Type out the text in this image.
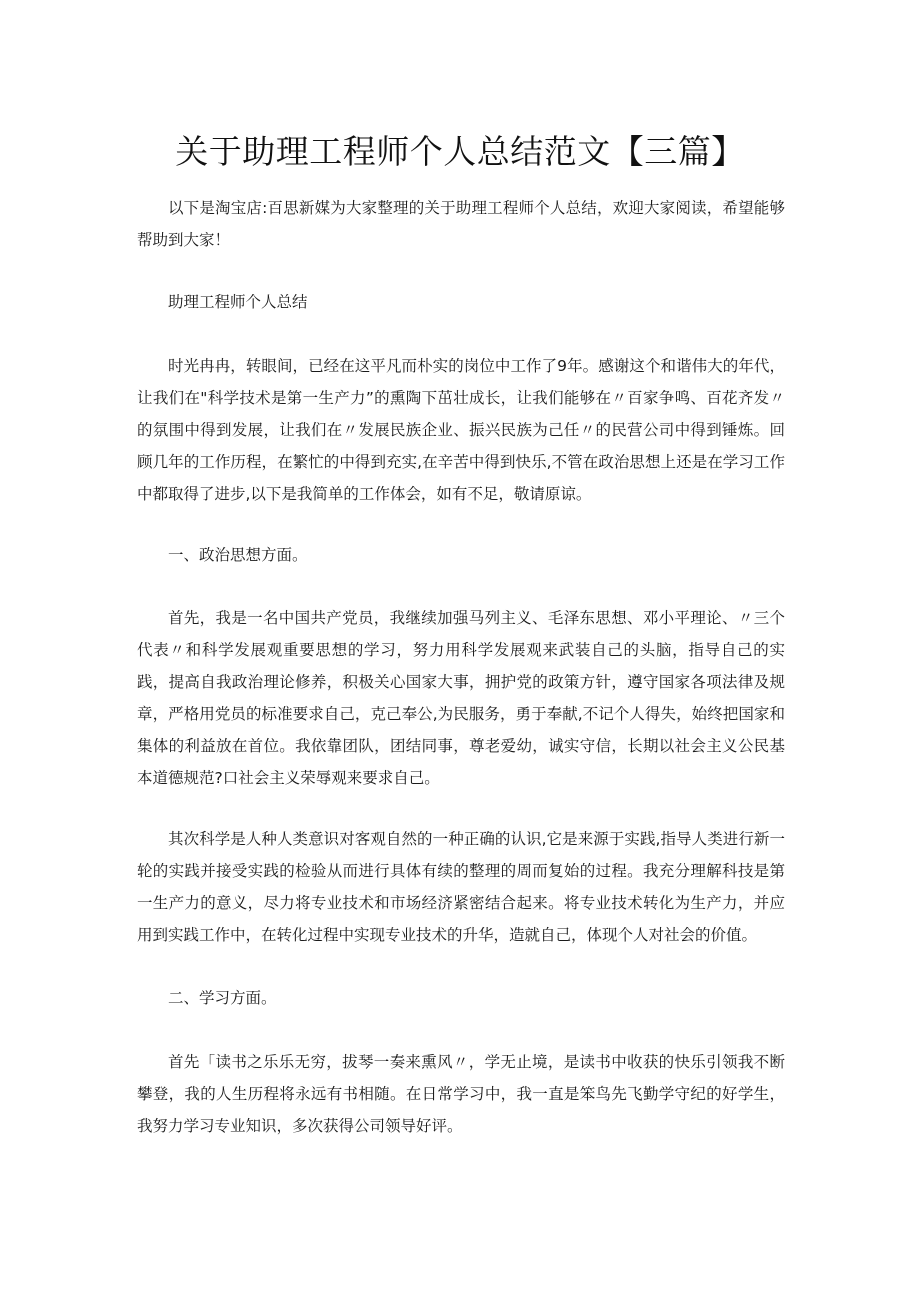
关于助理工程师个人总结范文【三篇】

以下是淘宝店:百思新媒为大家整理的关于助理工程师个人总结，欢迎大家阅读，希望能够帮助到大家！

助理工程师个人总结

时光冉冉，转眼间，已经在这平凡而朴实的岗位中工作了9年。感谢这个和谐伟大的年代，让我们在"科学技术是第一生产力”的熏陶下茁壮成长，让我们能够在〃百家争鸣、百花齐发〃的氛围中得到发展，让我们在〃发展民族企业、振兴民族为己任〃的民营公司中得到锤炼。回顾几年的工作历程，在繁忙的中得到充实,在辛苦中得到快乐,不管在政治思想上还是在学习工作中都取得了进步,以下是我简单的工作体会，如有不足，敬请原谅。

一、政治思想方面。

首先，我是一名中国共产党员，我继续加强马列主义、毛泽东思想、邓小平理论、〃三个代表〃和科学发展观重要思想的学习，努力用科学发展观来武装自己的头脑，指导自己的实践，提高自我政治理论修养，积极关心国家大事，拥护党的政策方针，遵守国家各项法律及规章，严格用党员的标准要求自己，克己奉公,为民服务，勇于奉献,不记个人得失，始终把国家和集体的利益放在首位。我依靠团队，团结同事，尊老爱幼，诚实守信，长期以社会主义公民基本道德规范?口社会主义荣辱观来要求自己。

其次科学是人种人类意识对客观自然的一种正确的认识,它是来源于实践,指导人类进行新一轮的实践并接受实践的检验从而进行具体有续的整理的周而复始的过程。我充分理解科技是第一生产力的意义，尽力将专业技术和市场经济紧密结合起来。将专业技术转化为生产力，并应用到实践工作中，在转化过程中实现专业技术的升华，造就自己，体现个人对社会的价值。

二、学习方面。

首先「读书之乐乐无穷，拔琴一奏来熏风〃，学无止境，是读书中收获的快乐引领我不断攀登，我的人生历程将永远有书相随。在日常学习中，我一直是笨鸟先飞勤学守纪的好学生，我努力学习专业知识，多次获得公司领导好评。
